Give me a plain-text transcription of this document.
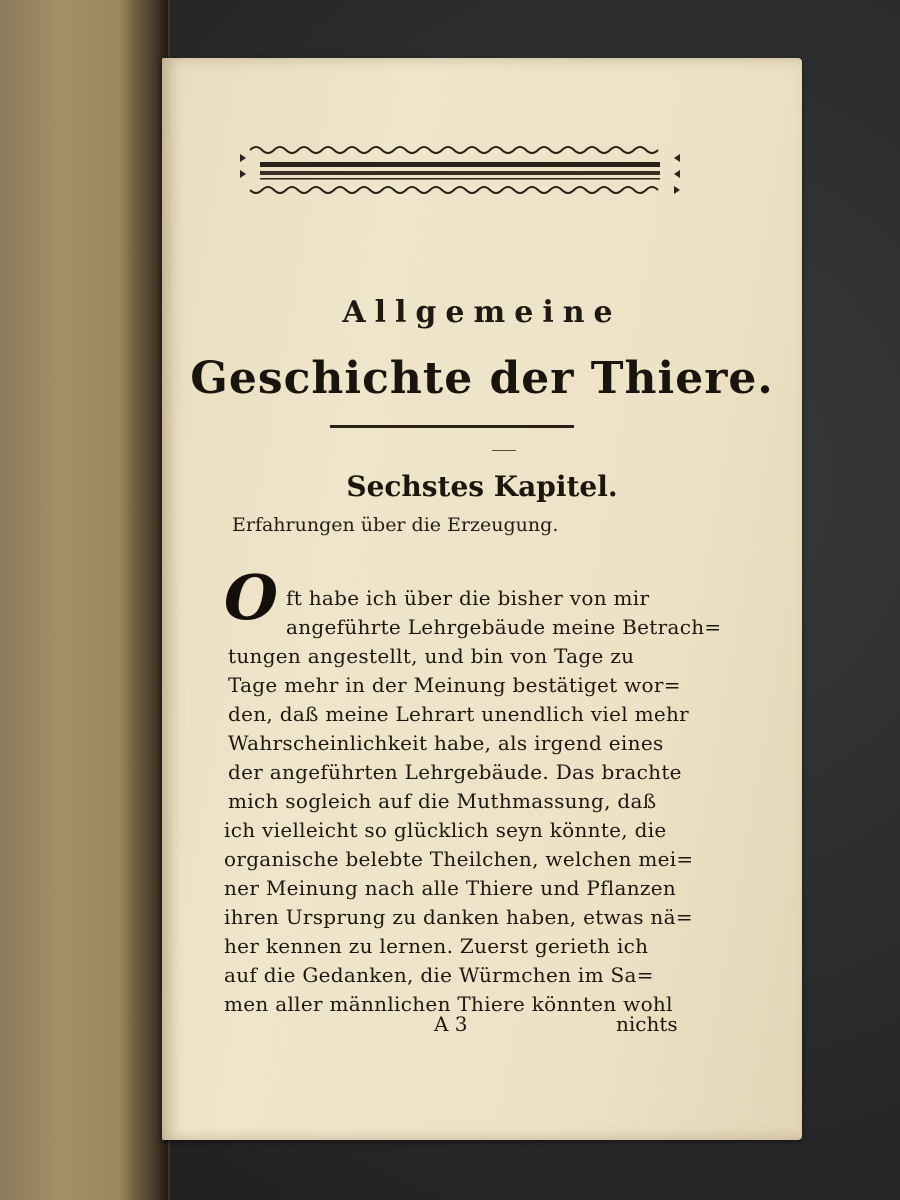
Allgemeine
Geschichte der Thiere.
Sechstes Kapitel.
Erfahrungen über die Erzeugung.
O ft habe ich über die bisher von mir
angeführte Lehrgebäude meine Betrach=
tungen angestellt, und bin von Tage zu
Tage mehr in der Meinung bestätiget wor=
den, daß meine Lehrart unendlich viel mehr
Wahrscheinlichkeit habe, als irgend eines
der angeführten Lehrgebäude. Das brachte
mich sogleich auf die Muthmassung, daß
ich vielleicht so glücklich seyn könnte, die
organische belebte Theilchen, welchen mei=
ner Meinung nach alle Thiere und Pflanzen
ihren Ursprung zu danken haben, etwas nä=
her kennen zu lernen. Zuerst gerieth ich
auf die Gedanken, die Würmchen im Sa=
men aller männlichen Thiere könnten wohl
A 3	nichts
